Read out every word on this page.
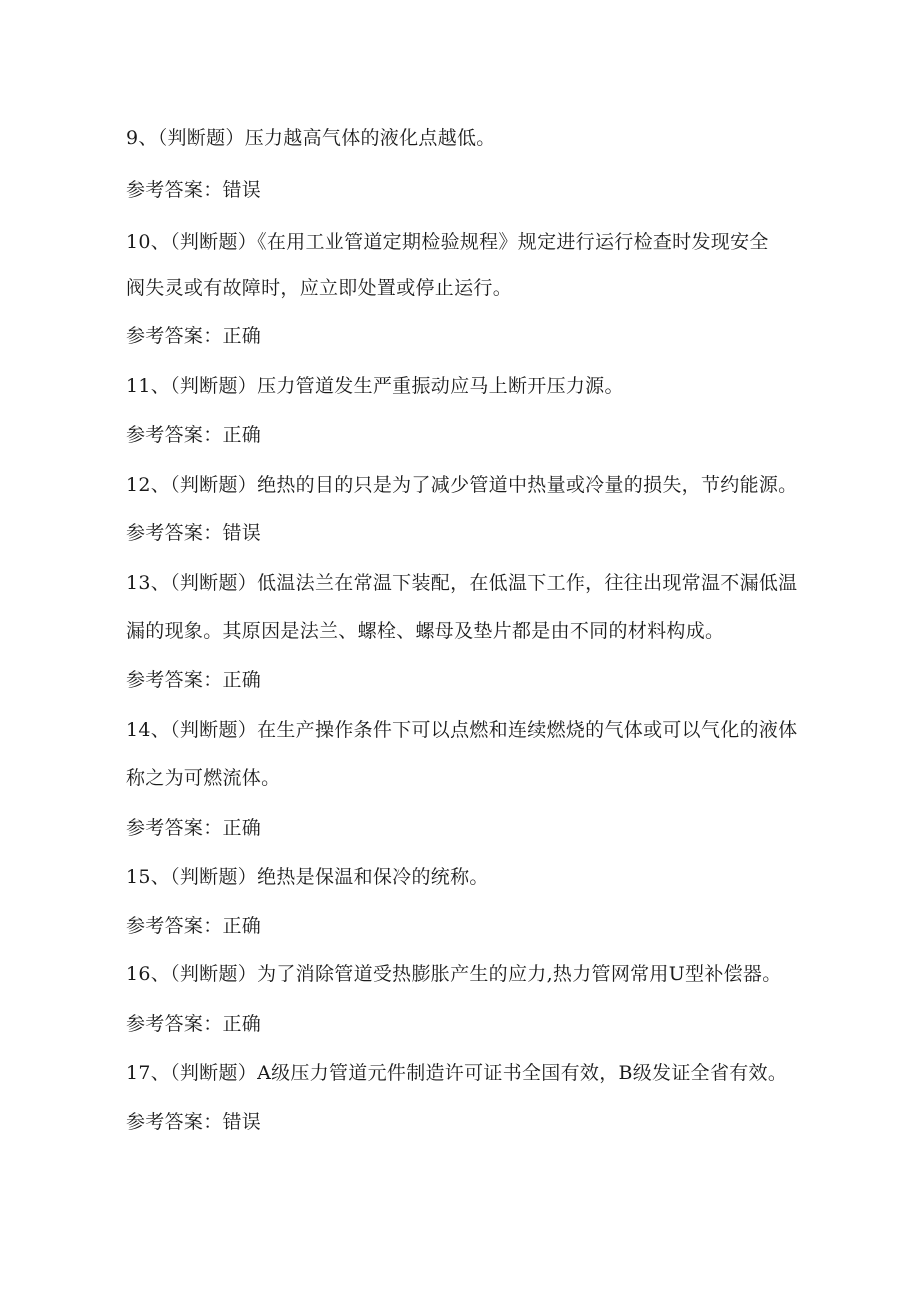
9、（判断题）压力越高气体的液化点越低。
参考答案：错误
10、（判断题）《在用工业管道定期检验规程》规定进行运行检查时发现安全
阀失灵或有故障时，应立即处置或停止运行。
参考答案：正确
11、（判断题）压力管道发生严重振动应马上断开压力源。
参考答案：正确
12、（判断题）绝热的目的只是为了减少管道中热量或冷量的损失，节约能源。
参考答案：错误
13、（判断题）低温法兰在常温下装配，在低温下工作，往往出现常温不漏低温
漏的现象。其原因是法兰、螺栓、螺母及垫片都是由不同的材料构成。
参考答案：正确
14、（判断题）在生产操作条件下可以点燃和连续燃烧的气体或可以气化的液体
称之为可燃流体。
参考答案：正确
15、（判断题）绝热是保温和保冷的统称。
参考答案：正确
16、（判断题）为了消除管道受热膨胀产生的应力,热力管网常用U型补偿器。
参考答案：正确
17、（判断题）A级压力管道元件制造许可证书全国有效，B级发证全省有效。
参考答案：错误
